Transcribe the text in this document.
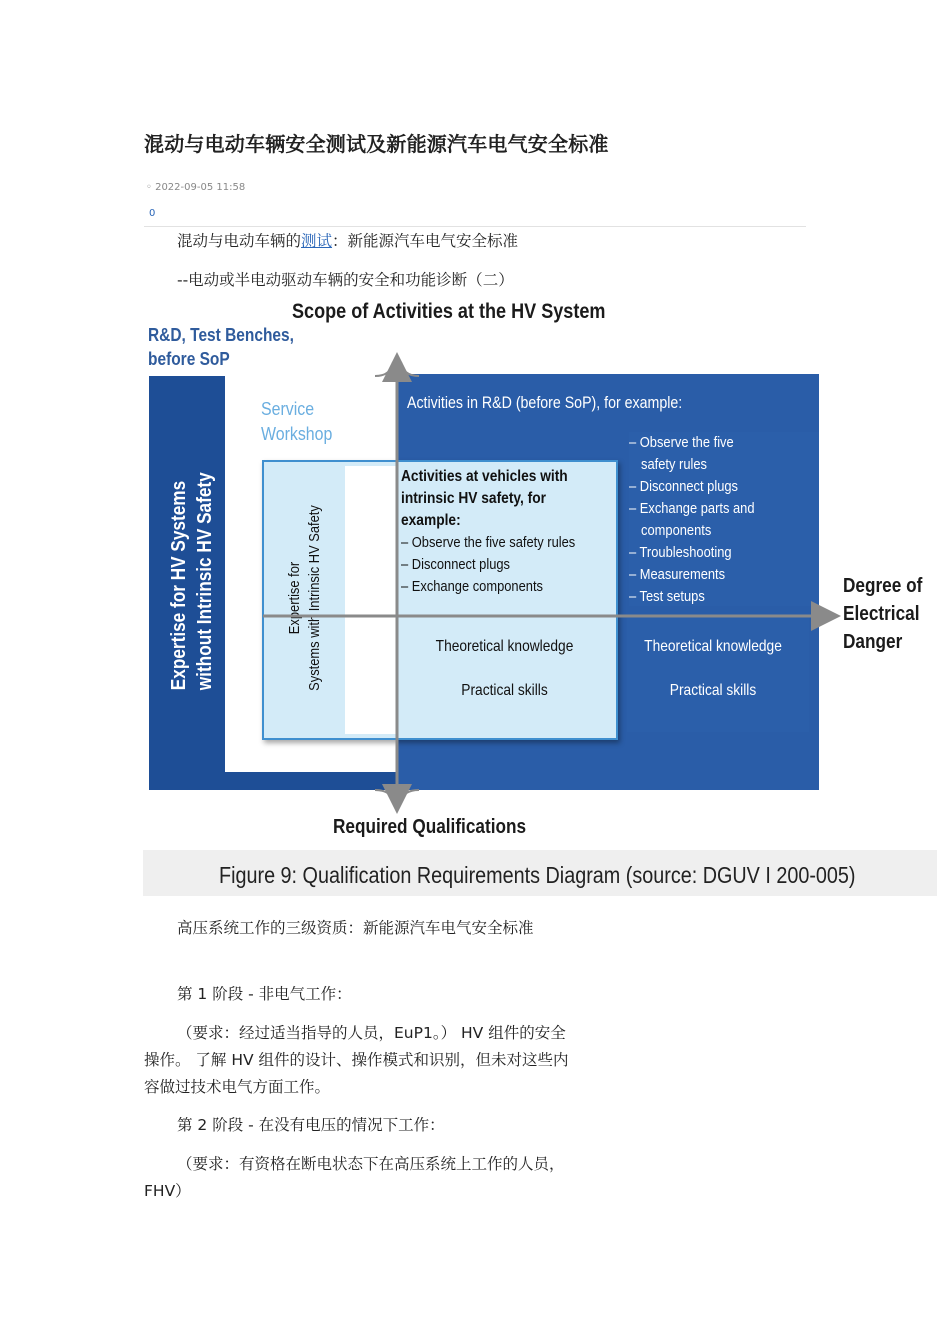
混动与电动车辆安全测试及新能源汽车电气安全标准
◦ 2022-09-05 11:58
0
混动与电动车辆的测试：新能源汽车电气安全标准
--电动或半电动驱动车辆的安全和功能诊断（二）
Scope of Activities at the HV System
R&D, Test Benches,
before SoP
Activities in R&D (before SoP), for example:
– Observe the five
safety rules
– Disconnect plugs
– Exchange parts and
components
– Troubleshooting
– Measurements
– Test setups
Theoretical knowledge
Practical skills
Service
Workshop
Activities at vehicles with
intrinsic HV safety, for
example:
– Observe the five safety rules
– Disconnect plugs
– Exchange components
Theoretical knowledge
Practical skills
Expertise for HV Systems without Intrinsic HV Safety	Expertise for Systems with Intrinsic HV Safety	Degree of
Electrical
Danger
Required Qualifications
Figure 9: Qualification Requirements Diagram (source: DGUV I 200-005)
高压系统工作的三级资质：新能源汽车电气安全标准
第 1 阶段 - 非电气工作：
（要求：经过适当指导的人员，EuP1。） HV 组件的安全操作。 了解 HV 组件的设计、操作模式和识别，但未对这些内容做过技术电气方面工作。
第 2 阶段 - 在没有电压的情况下工作：
（要求：有资格在断电状态下在高压系统上工作的人员，FHV）
